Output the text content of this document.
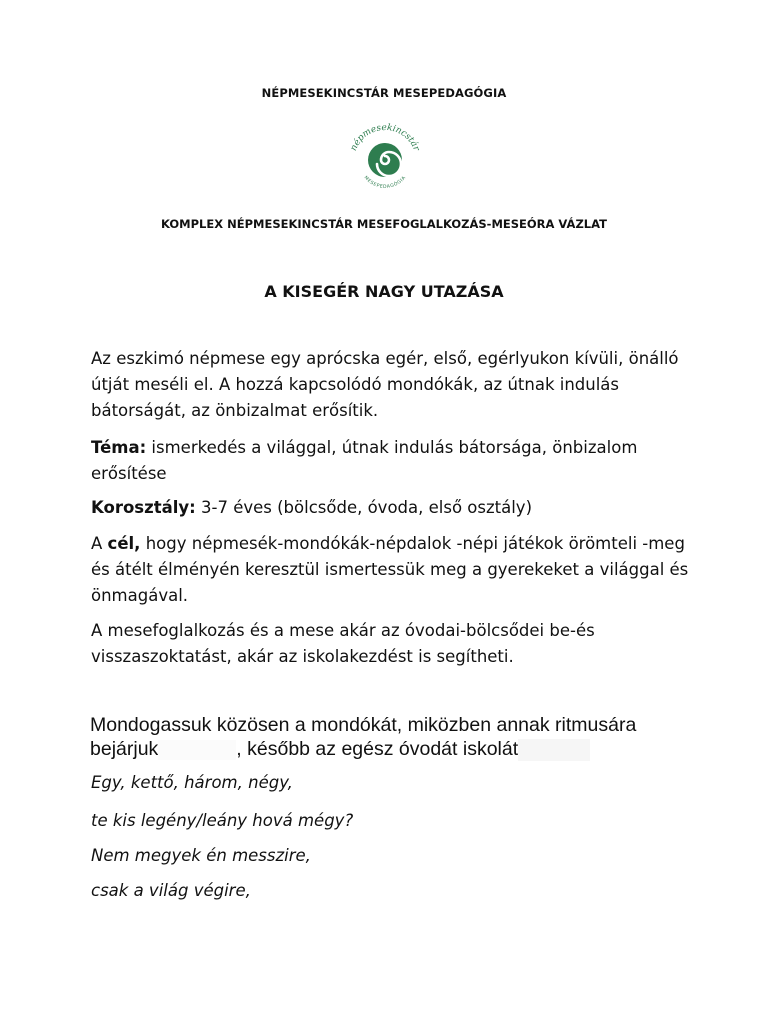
NÉPMESEKINCSTÁR MESEPEDAGÓGIA
népmesekincstár
MESEPEDAGÓGIA
KOMPLEX NÉPMESEKINCSTÁR MESEFOGLALKOZÁS-MESEÓRA VÁZLAT
A KISEGÉR NAGY UTAZÁSA
Az eszkimó népmese egy aprócska egér, első, egérlyukon kívüli, önálló útját meséli el. A hozzá kapcsolódó mondókák, az útnak indulás bátorságát, az önbizalmat erősítik.
Téma: ismerkedés a világgal, útnak indulás bátorsága, önbizalom erősítése
Korosztály: 3-7 éves (bölcsőde, óvoda, első osztály)
A cél, hogy népmesék-mondókák-népdalok -népi játékok örömteli -meg és átélt élményén keresztül ismertessük meg a gyerekeket a világgal és önmagával.
A mesefoglalkozás és a mese akár az óvodai-bölcsődei be-és visszaszoktatást, akár az iskolakezdést is segítheti.
Mondogassuk közösen a mondókát, miközben annak ritmusára
bejárjuk	, később az egész óvodát iskolát
Egy, kettő, három, négy,
te kis legény/leány hová mégy?
Nem megyek én messzire,
csak a világ végire,
